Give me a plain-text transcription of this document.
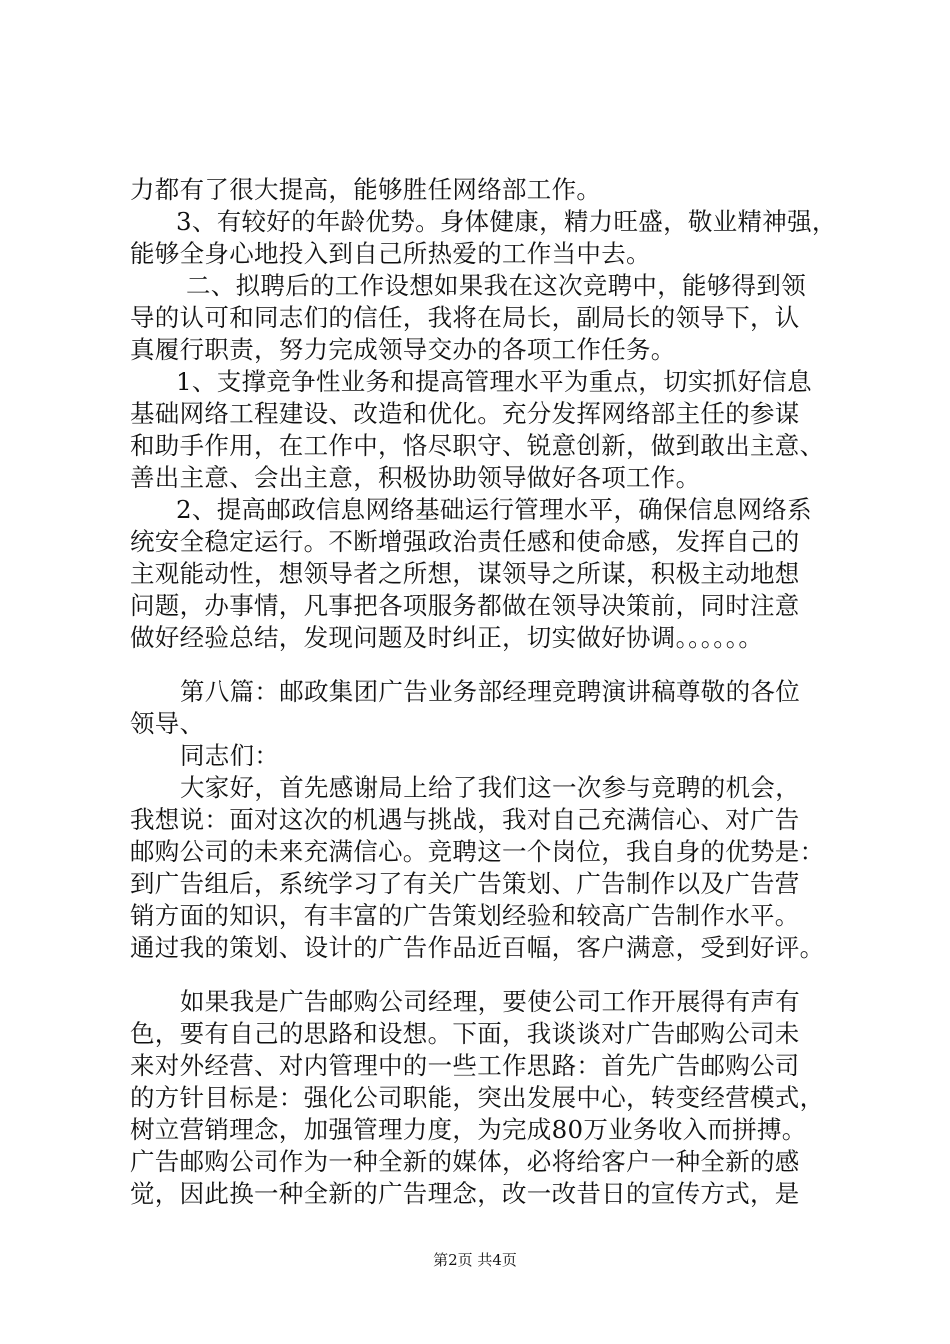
力都有了很大提高，能够胜任网络部工作。
3、有较好的年龄优势。身体健康，精力旺盛，敬业精神强，
能够全身心地投入到自己所热爱的工作当中去。
二、拟聘后的工作设想如果我在这次竞聘中，能够得到领
导的认可和同志们的信任，我将在局长，副局长的领导下，认
真履行职责，努力完成领导交办的各项工作任务。
1、支撑竞争性业务和提高管理水平为重点，切实抓好信息
基础网络工程建设、改造和优化。充分发挥网络部主任的参谋
和助手作用，在工作中，恪尽职守、锐意创新，做到敢出主意、
善出主意、会出主意，积极协助领导做好各项工作。
2、提高邮政信息网络基础运行管理水平，确保信息网络系
统安全稳定运行。不断增强政治责任感和使命感，发挥自己的
主观能动性，想领导者之所想，谋领导之所谋，积极主动地想
问题，办事情，凡事把各项服务都做在领导决策前，同时注意
做好经验总结，发现问题及时纠正，切实做好协调。。。。。。
第八篇：邮政集团广告业务部经理竞聘演讲稿尊敬的各位
领导、
同志们：
大家好，首先感谢局上给了我们这一次参与竞聘的机会，
我想说：面对这次的机遇与挑战，我对自己充满信心、对广告
邮购公司的未来充满信心。竞聘这一个岗位，我自身的优势是：
到广告组后，系统学习了有关广告策划、广告制作以及广告营
销方面的知识，有丰富的广告策划经验和较高广告制作水平。
通过我的策划、设计的广告作品近百幅，客户满意，受到好评。
如果我是广告邮购公司经理，要使公司工作开展得有声有
色，要有自己的思路和设想。下面，我谈谈对广告邮购公司未
来对外经营、对内管理中的一些工作思路：首先广告邮购公司
的方针目标是：强化公司职能，突出发展中心，转变经营模式，
树立营销理念，加强管理力度，为完成80万业务收入而拼搏。
广告邮购公司作为一种全新的媒体，必将给客户一种全新的感
觉，因此换一种全新的广告理念，改一改昔日的宣传方式，是
第2页 共4页
